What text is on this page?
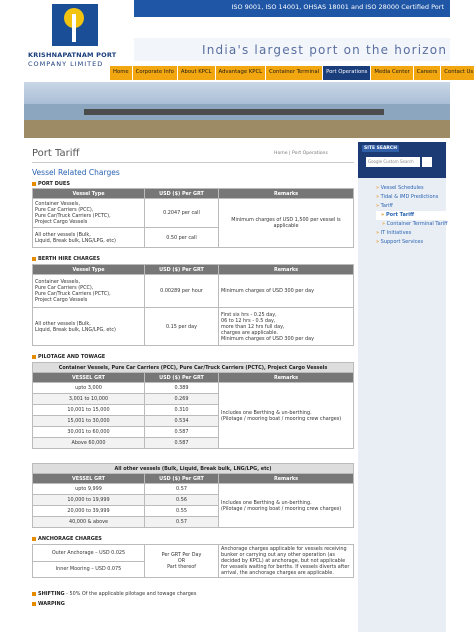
KRISHNAPATNAM PORT
COMPANY LIMITED
ISO 9001, ISO 14001, OHSAS 18001 and ISO 28000 Certified Port
India's largest port on the horizon
Home	Corporate Info	About KPCL	Advantage KPCL	Container Terminal	Port Operations	Media Center	Careers	Contact Us
Port Tariff	Home | Port Operations
Vessel Related Charges
PORT DUES
Vessel Type	USD ($) Per GRT	Remarks
Container Vessels,
Pure Car Carriers (PCC),
Pure Car/Truck Carriers (PCTC),
Project Cargo Vessels	0.2047 per call	Minimum charges of USD 1,500 per vessel is applicable
All other vessels (Bulk,
Liquid, Break bulk, LNG/LPG, etc)	0.50 per call	
BERTH HIRE CHARGES
Vessel Type	USD ($) Per GRT	Remarks
Container Vessels,
Pure Car Carriers (PCC),
Pure Car/Truck Carriers (PCTC),
Project Cargo Vessels	0.00289 per hour	Minimum charges of USD 300 per day
All other vessels (Bulk,
Liquid, Break bulk, LNG/LPG, etc)	0.15 per day	First six hrs - 0.25 day,
06 to 12 hrs - 0.5 day,
more than 12 hrs full day,
charges are applicable.
Minimum charges of USD 300 per day
PILOTAGE AND TOWAGE
Container Vessels, Pure Car Carriers (PCC), Pure Car/Truck Carriers (PCTC), Project Cargo Vessels		
VESSEL GRT	USD ($) Per GRT	Remarks
upto 3,000	0.389	Includes one Berthing & un-berthing.
(Pilotage / mooring boat / mooring crew charges)
3,001 to 10,000	0.269	
10,001 to 15,000	0.310	
15,001 to 30,000	0.534	
30,001 to 60,000	0.587	
Above 60,000	0.587	
All other vessels (Bulk, Liquid, Break bulk, LNG/LPG, etc)		
VESSEL GRT	USD ($) Per GRT	Remarks
upto 9,999	0.57	Includes one Berthing & un-berthing.
(Pilotage / mooring boat / mooring crew charges)
10,000 to 19,999	0.56	
20,000 to 39,999	0.55	
40,000 & above	0.57	
ANCHORAGE CHARGES
Outer Anchorage – USD 0.025	Per GRT Per Day
OR
Part thereof	Anchorage charges applicable for vessels receiving bunker or carrying out any other operation (as decided by KPCL) at anchorage, but not applicable for vessels waiting for berths. If vessels diverts after arrival, the anchorage charges are applicable.
Inner Mooring – USD 0.075
SHIFTING - 50% Of the applicable pilotage and towage charges
WARPING
SITE SEARCH
Google Custom Search
» Vessel Schedules
» Tidal & IMD Predictions
» Tariff
» Port Tariff
» Container Terminal Tariff
» IT Initiatives
» Support Services
